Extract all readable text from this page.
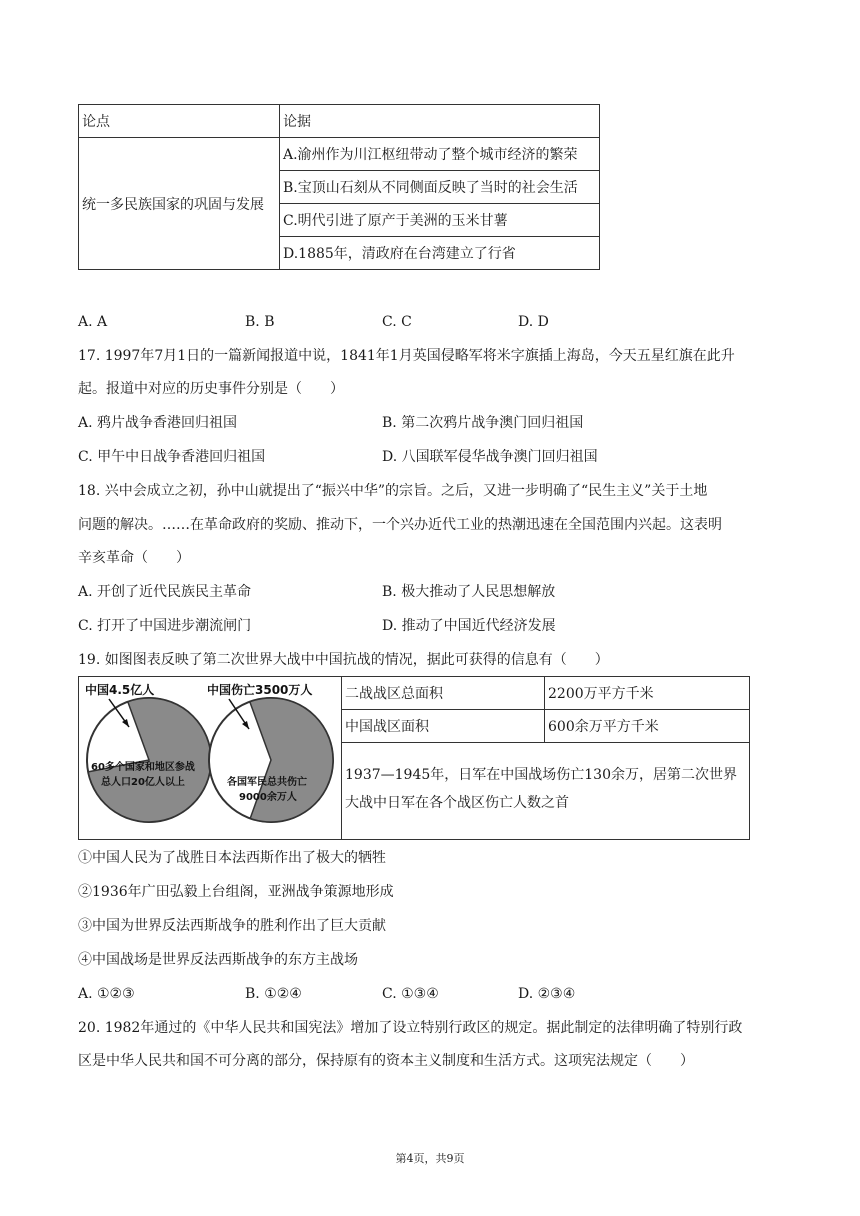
论点	论据
统一多民族国家的巩固与发展	A.渝州作为川江枢纽带动了整个城市经济的繁荣
	B.宝顶山石刻从不同侧面反映了当时的社会生活
	C.明代引进了原产于美洲的玉米甘薯
	D.1885年，清政府在台湾建立了行省
A. A	B. B	C. C	D. D
17. 1997年7月1日的一篇新闻报道中说，1841年1月英国侵略军将米字旗插上海岛，今天五星红旗在此升
起。报道中对应的历史事件分别是（　　）
A. 鸦片战争香港回归祖国	B. 第二次鸦片战争澳门回归祖国
C. 甲午中日战争香港回归祖国	D. 八国联军侵华战争澳门回归祖国
18. 兴中会成立之初，孙中山就提出了“振兴中华”的宗旨。之后，又进一步明确了“民生主义”关于土地
问题的解决。……在革命政府的奖励、推动下，一个兴办近代工业的热潮迅速在全国范围内兴起。这表明
辛亥革命（　　）
A. 开创了近代民族民主革命	B. 极大推动了人民思想解放
C. 打开了中国进步潮流闸门	D. 推动了中国近代经济发展
19. 如图图表反映了第二次世界大战中中国抗战的情况，据此可获得的信息有（　　）
中国4.5亿人
60多个国家和地区参战
总人口20亿人以上
中国伤亡3500万人
各国军民总共伤亡
9000余万人
二战战区总面积	2200万平方千米
中国战区面积	600余万平方千米
1937—1945年，日军在中国战场伤亡130余万，居第二次世界大战中日军在各个战区伤亡人数之首
①中国人民为了战胜日本法西斯作出了极大的牺牲
②1936年广田弘毅上台组阁，亚洲战争策源地形成
③中国为世界反法西斯战争的胜利作出了巨大贡献
④中国战场是世界反法西斯战争的东方主战场
A. ①②③	B. ①②④	C. ①③④	D. ②③④
20. 1982年通过的《中华人民共和国宪法》增加了设立特别行政区的规定。据此制定的法律明确了特别行政
区是中华人民共和国不可分离的部分，保持原有的资本主义制度和生活方式。这项宪法规定（　　）
第4页，共9页
